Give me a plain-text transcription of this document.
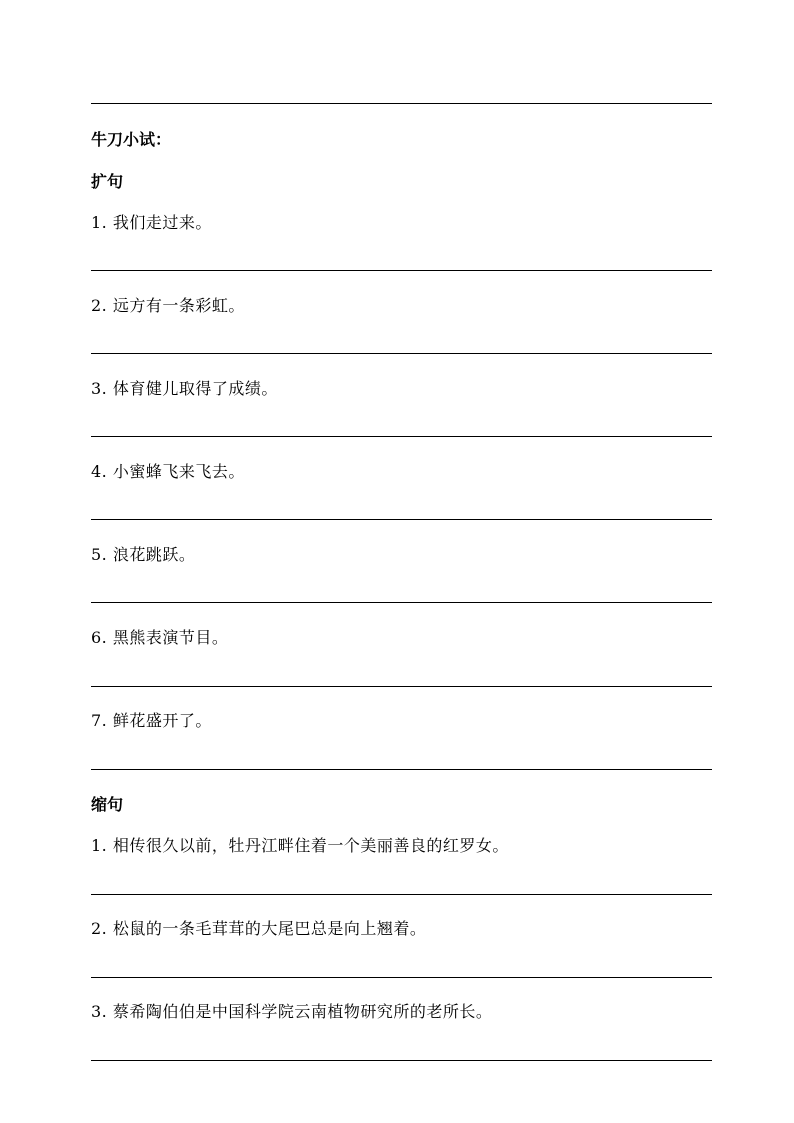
牛刀小试：
扩句
1. 我们走过来。
2. 远方有一条彩虹。
3. 体育健儿取得了成绩。
4. 小蜜蜂飞来飞去。
5. 浪花跳跃。
6. 黑熊表演节目。
7. 鲜花盛开了。
缩句
1. 相传很久以前，牡丹江畔住着一个美丽善良的红罗女。
2. 松鼠的一条毛茸茸的大尾巴总是向上翘着。
3. 蔡希陶伯伯是中国科学院云南植物研究所的老所长。
